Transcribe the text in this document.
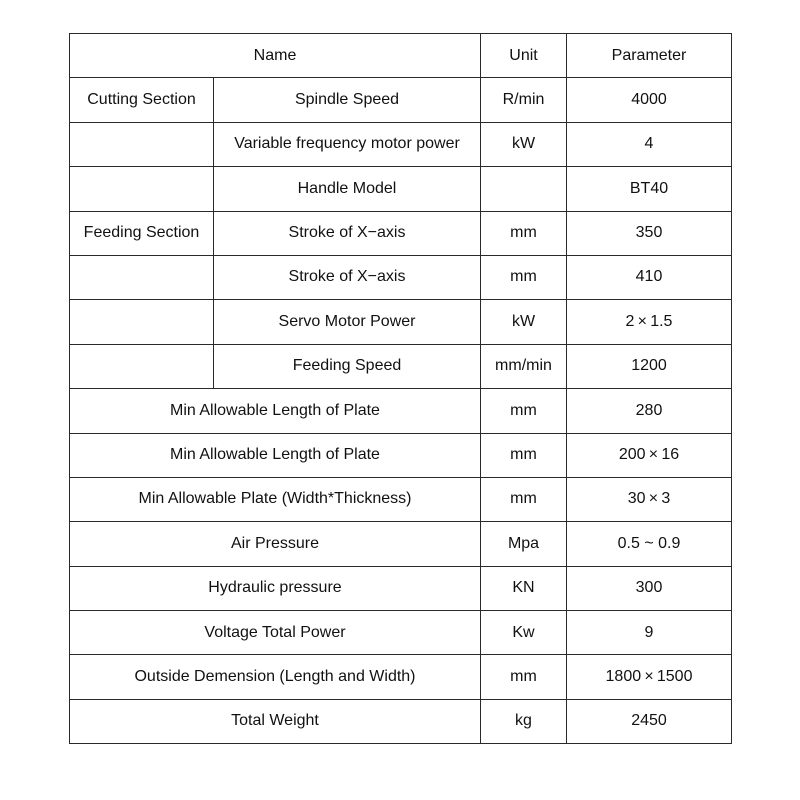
Name		Unit	Parameter
Cutting Section	Spindle Speed	R/min	4000
	Variable frequency motor power	kW	4
	Handle Model		BT40
Feeding Section	Stroke of X−axis	mm	350
	Stroke of X−axis	mm	410
	Servo Motor Power	kW	2 × 1.5
	Feeding Speed	mm/min	1200
Min Allowable Length of Plate		mm	280
Min Allowable Length of Plate		mm	200 × 16
Min Allowable Plate (Width*Thickness)		mm	30 × 3
Air Pressure		Mpa	0.5 ~ 0.9
Hydraulic pressure		KN	300
Voltage Total Power		Kw	9
Outside Demension (Length and Width)		mm	1800 × 1500
Total Weight		kg	2450
